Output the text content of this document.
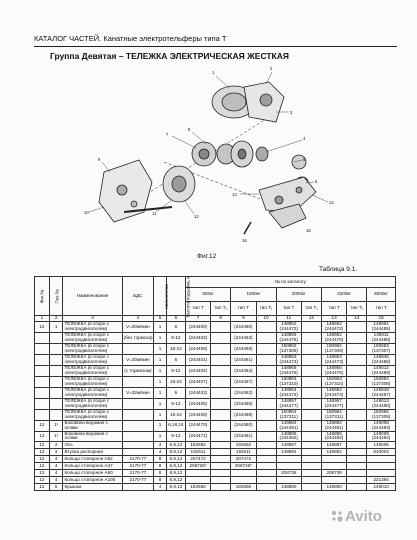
КАТАЛОГ ЧАСТЕЙ. Канатные электротельферы типа Т
Группа Девятая – ТЕЛЕЖКА ЭЛЕКТРИЧЕСКАЯ ЖЕСТКАЯ
1
2
3
4
5
6
7
8
9
10	11
12
13
14
15
16
Фиг.12
Таблица 9.1.
Фиг.№	Поз.№	Наименование	БДС	Количество	Высота подъема, м	№ по каталогу								
						500кг		1000кг		2000кг		3200кг		5000кг
						тип Т	тип Т₁	тип Т	тип Т₁	тип Т	тип Т₁	тип Т	тип Т₁	тип Т
1	2	3	4	5	6	7	8	9	10	11	12	13	14	15
12	1	ТЕЛЕЖКА (в сборе с электродвигателем)	V=20м/мин	1	6	(244400)		(244460)		148952 (244472)		148952 (244472)		148951 (244485)
		ТЕЛЕЖКА (в сборе с электродвигателем)	(без тормоза)	1	9-12	(244403)		(244463)		148955 (244475)		148952 (244475)		149011 (244488)
		ТЕЛЕЖКА (в сборе с электродвигателем)		1	18-24	(244406)		(244466)		150962 (137309)		150962 (137309)		150963 (137307)
		ТЕЛЕЖКА (в сборе с электродвигателем)	V=20м/мин	1	6	(244401)		(244461)		148953 (244473)		148953 (244473)		148948 (244486)
		ТЕЛЕЖКА (в сборе с электродвигателем)	(с тормозом)	1	9-12	(244404)		(244464)		148956 (244476)		148956 (244476)		149012 (244489)
		ТЕЛЕЖКА (в сборе с электродвигателем)		1	18-24	(244407)		(244467)		150963 (137310)		150963 (137310)		150964 (137308)
		ТЕЛЕЖКА (в сборе с электродвигателем)	V=32м/мин	1	6	(244402)		(244462)		148954 (244474)		148954 (244474)		148949 (244487)
		ТЕЛЕЖКА (в сборе с электродвигателем)		1	9-12	(244405)		(244465)		148957 (244477)		148957 (244477)		149013 (244490)
		ТЕЛЕЖКА (в сборе с электродвигателем)		1	18-24	(244408)		(244468)		150964 (137311)		150964 (137311)		150965 (137309)
12	1¹	Боковина ведомая с осями		1	6,18,24	(244470)		(244480)		148884 (244491)		148884 (244491)		149008 (244493)
12	1¹	Боковина ведомая с осями		1	9-12	(244471)		(244481)		148885 (244492)		148885 (244492)		149009 (244494)
12	2	Ось		4	6,9,12	192582		192582		148887		148887		149005
12	3	Втулка распорная		4	6,9,12	192611		192611		148892		148892		540004
12	4	Кольцо стопорное А52	2170-77	8	6,9,12	207472		207472						
12	4	Кольцо стопорное А47	2170-77	8	6,9,12	208726*		208726*						
12	4	Кольцо стопорное А60	2170-77	8	6,9,12					208738		208738		
12	4	Кольцо стопорное А100	2170-77	8	6,9,12									221394
12	5	Крышка		4	6,9,12	192586		192586		148890		148890		149010
Avito
